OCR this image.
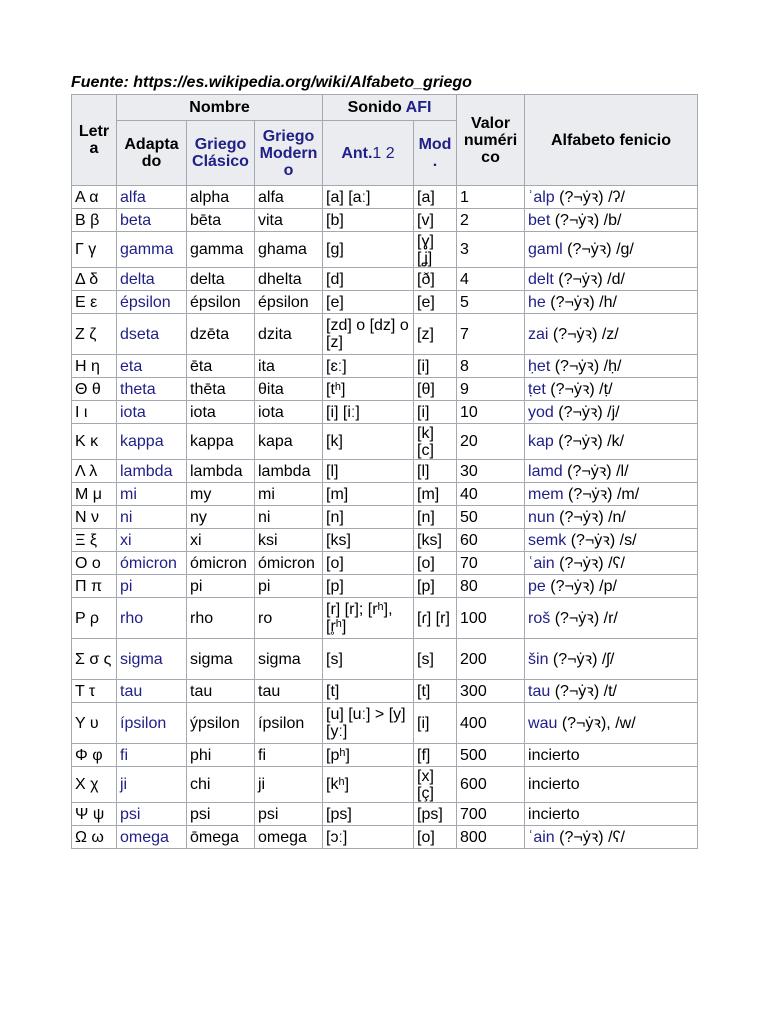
Fuente: https://es.wikipedia.org/wiki/Alfabeto_griego

Letr a	Nombre			Sonido AFI		Valor numéri co	Alfabeto fenicio
	Adapta do	Griego Clásico	Griego Modern o	Ant.1 2	Mod .		
Α α	alfa	alpha	alfa	[a] [aː]	[a]	1	ʾalp (?¬ẏꝛ) /ʔ/
Β β	beta	bēta	vita	[b]	[v]	2	bet (?¬ẏꝛ) /b/
Γ γ	gamma	gamma	ghama	[g]	[ɣ] [ʝ]	3	gaml (?¬ẏꝛ) /g/
Δ δ	delta	delta	dhelta	[d]	[ð]	4	delt (?¬ẏꝛ) /d/
Ε ε	épsilon	épsilon	épsilon	[e]	[e]	5	he (?¬ẏꝛ) /h/
Ζ ζ	dseta	dzēta	dzita	[zd] o [dz] o [z]	[z]	7	zai (?¬ẏꝛ) /z/
Η η	eta	ēta	ita	[ɛː]	[i]	8	ḥet (?¬ẏꝛ) /ḥ/
Θ θ	theta	thēta	θita	[tʰ]	[θ]	9	ṭet (?¬ẏꝛ) /ṭ/
Ι ι	iota	iota	iota	[i] [iː]	[i]	10	yod (?¬ẏꝛ) /j/
Κ κ	kappa	kappa	kapa	[k]	[k] [c]	20	kap (?¬ẏꝛ) /k/
Λ λ	lambda	lambda	lambda	[l]	[l]	30	lamd (?¬ẏꝛ) /l/
Μ μ	mi	my	mi	[m]	[m]	40	mem (?¬ẏꝛ) /m/
Ν ν	ni	ny	ni	[n]	[n]	50	nun (?¬ẏꝛ) /n/
Ξ ξ	xi	xi	ksi	[ks]	[ks]	60	semk (?¬ẏꝛ) /s/
Ο ο	ómicron	ómicron	ómicron	[o]	[o]	70	ʿain (?¬ẏꝛ) /ʕ/
Π π	pi	pi	pi	[p]	[p]	80	pe (?¬ẏꝛ) /p/
Ρ ρ	rho	rho	ro	[r] [r]; [rʰ], [r̥ʰ]	[ɾ] [r]	100	roš (?¬ẏꝛ) /r/
Σ σ ς	sigma	sigma	sigma	[s]	[s]	200	šin (?¬ẏꝛ) /ʃ/
Τ τ	tau	tau	tau	[t]	[t]	300	tau (?¬ẏꝛ) /t/
Υ υ	ípsilon	ýpsilon	ípsilon	[u] [uː] > [y] [yː]	[i]	400	wau (?¬ẏꝛ), /w/
Φ φ	fi	phi	fi	[pʰ]	[f]	500	incierto
Χ χ	ji	chi	ji	[kʰ]	[x] [ç]	600	incierto
Ψ ψ	psi	psi	psi	[ps]	[ps]	700	incierto
Ω ω	omega	ōmega	omega	[ɔː]	[o]	800	ʿain (?¬ẏꝛ) /ʕ/
